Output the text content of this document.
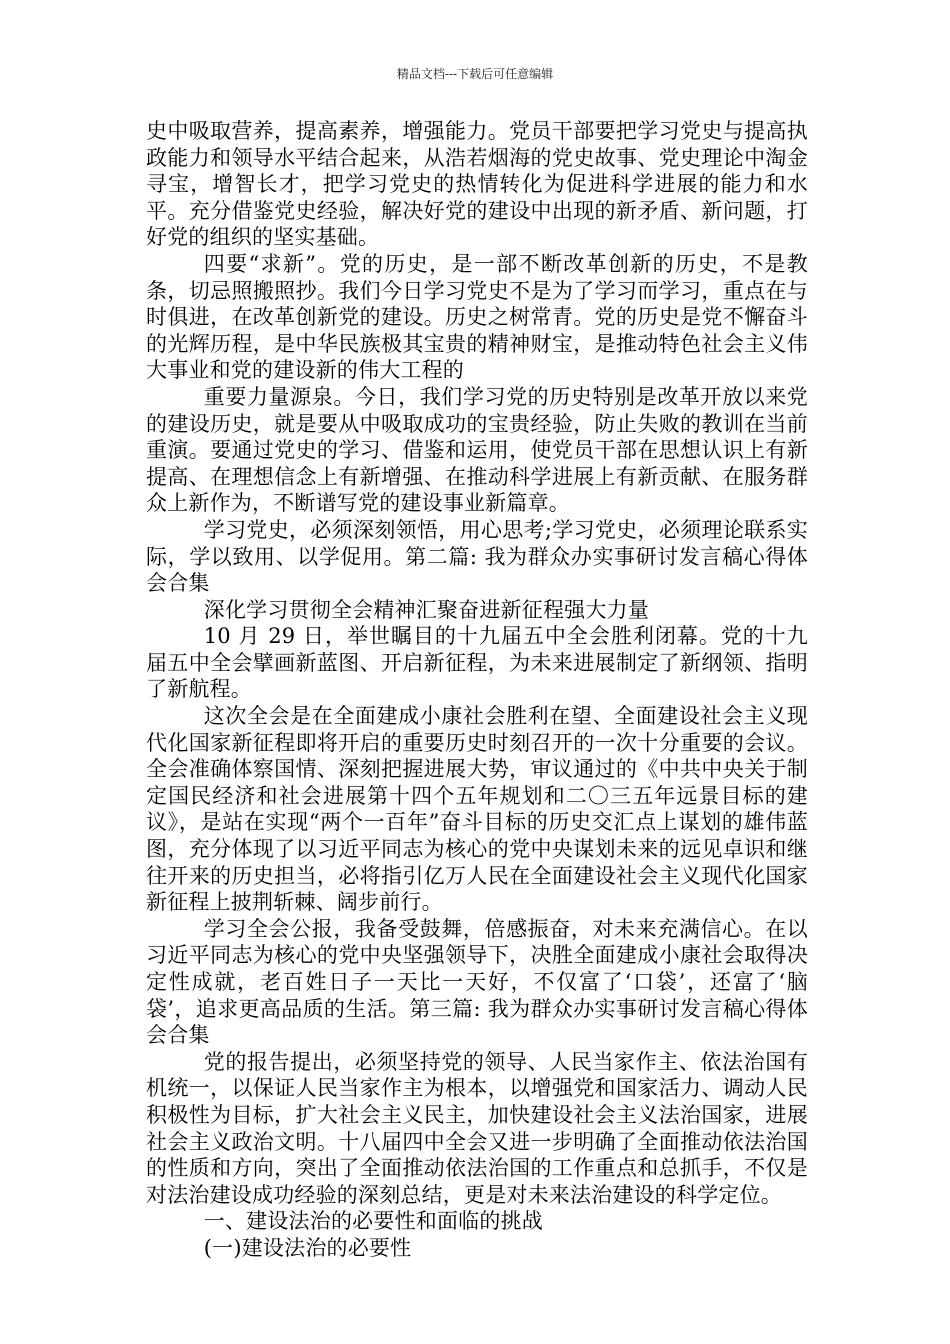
精品文档---下载后可任意编辑

史中吸取营养，提高素养，增强能力。党员干部要把学习党史与提高执政能力和领导水平结合起来，从浩若烟海的党史故事、党史理论中淘金寻宝，增智长才，把学习党史的热情转化为促进科学进展的能力和水平。充分借鉴党史经验，解决好党的建设中出现的新矛盾、新问题，打好党的组织的坚实基础。

四要“求新”。党的历史，是一部不断改革创新的历史，不是教条，切忌照搬照抄。我们今日学习党史不是为了学习而学习，重点在与时俱进，在改革创新党的建设。历史之树常青。党的历史是党不懈奋斗的光辉历程，是中华民族极其宝贵的精神财宝，是推动特色社会主义伟大事业和党的建设新的伟大工程的

重要力量源泉。今日，我们学习党的历史特别是改革开放以来党的建设历史，就是要从中吸取成功的宝贵经验，防止失败的教训在当前重演。要通过党史的学习、借鉴和运用，使党员干部在思想认识上有新提高、在理想信念上有新增强、在推动科学进展上有新贡献、在服务群众上新作为，不断谱写党的建设事业新篇章。

学习党史，必须深刻领悟，用心思考;学习党史，必须理论联系实际，学以致用、以学促用。第二篇: 我为群众办实事研讨发言稿心得体会合集

深化学习贯彻全会精神汇聚奋进新征程强大力量

10 月 29 日，举世瞩目的十九届五中全会胜利闭幕。党的十九届五中全会擘画新蓝图、开启新征程，为未来进展制定了新纲领、指明了新航程。

这次全会是在全面建成小康社会胜利在望、全面建设社会主义现代化国家新征程即将开启的重要历史时刻召开的一次十分重要的会议。全会准确体察国情、深刻把握进展大势，审议通过的《中共中央关于制定国民经济和社会进展第十四个五年规划和二〇三五年远景目标的建议》，是站在实现“两个一百年”奋斗目标的历史交汇点上谋划的雄伟蓝图，充分体现了以习近平同志为核心的党中央谋划未来的远见卓识和继往开来的历史担当，必将指引亿万人民在全面建设社会主义现代化国家新征程上披荆斩棘、阔步前行。

学习全会公报，我备受鼓舞，倍感振奋，对未来充满信心。在以习近平同志为核心的党中央坚强领导下，决胜全面建成小康社会取得决定性成就，老百姓日子一天比一天好，不仅富了‘口袋’，还富了‘脑袋’，追求更高品质的生活。第三篇: 我为群众办实事研讨发言稿心得体会合集

党的报告提出，必须坚持党的领导、人民当家作主、依法治国有机统一，以保证人民当家作主为根本，以增强党和国家活力、调动人民积极性为目标，扩大社会主义民主，加快建设社会主义法治国家，进展社会主义政治文明。十八届四中全会又进一步明确了全面推动依法治国的性质和方向，突出了全面推动依法治国的工作重点和总抓手，不仅是对法治建设成功经验的深刻总结，更是对未来法治建设的科学定位。

一、建设法治的必要性和面临的挑战

(一)建设法治的必要性
